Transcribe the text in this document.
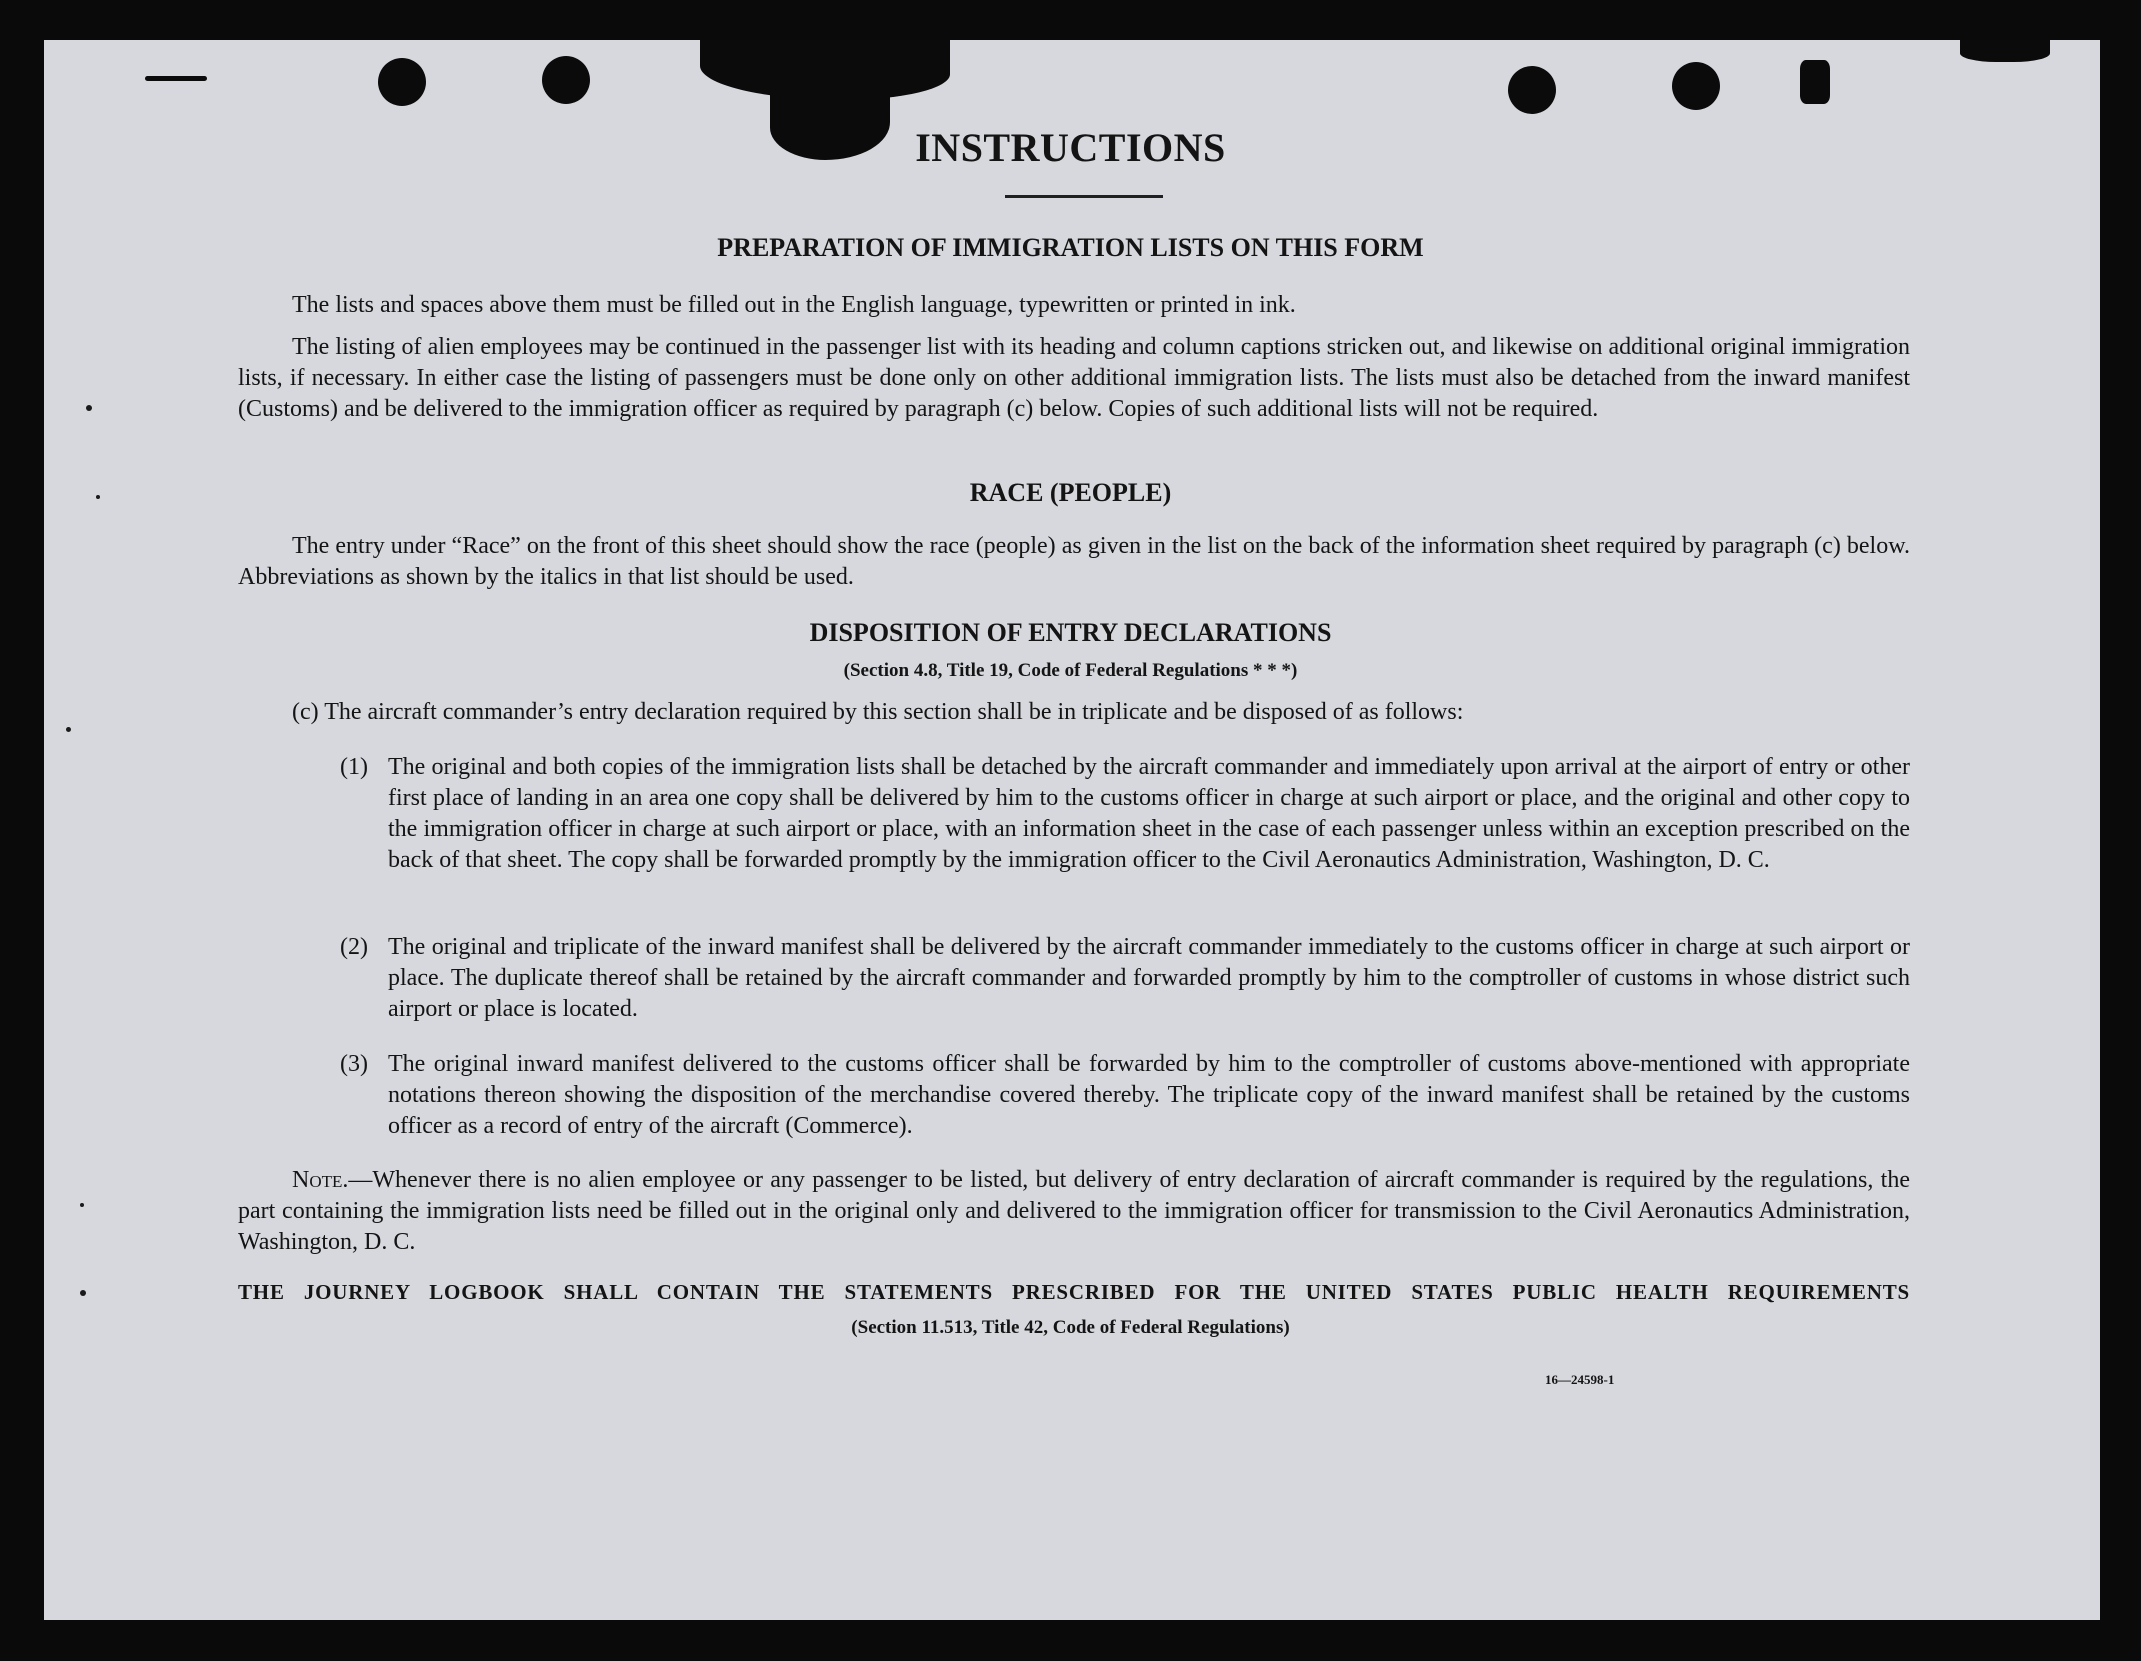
INSTRUCTIONS
PREPARATION OF IMMIGRATION LISTS ON THIS FORM
The lists and spaces above them must be filled out in the English language, typewritten or printed in ink.
The listing of alien employees may be continued in the passenger list with its heading and column captions stricken out, and likewise on additional original immigration lists, if necessary. In either case the listing of passengers must be done only on other additional immigration lists. The lists must also be detached from the inward manifest (Customs) and be delivered to the immigration officer as required by paragraph (c) below. Copies of such additional lists will not be required.
RACE (PEOPLE)
The entry under “Race” on the front of this sheet should show the race (people) as given in the list on the back of the information sheet required by paragraph (c) below. Abbreviations as shown by the italics in that list should be used.
DISPOSITION OF ENTRY DECLARATIONS
(Section 4.8, Title 19, Code of Federal Regulations * * *)
(c) The aircraft commander’s entry declaration required by this section shall be in triplicate and be disposed of as follows:
(1) The original and both copies of the immigration lists shall be detached by the aircraft commander and immediately upon arrival at the airport of entry or other first place of landing in an area one copy shall be delivered by him to the customs officer in charge at such airport or place, and the original and other copy to the immigration officer in charge at such airport or place, with an information sheet in the case of each passenger unless within an exception prescribed on the back of that sheet. The copy shall be forwarded promptly by the immigration officer to the Civil Aeronautics Administration, Washington, D. C.
(2) The original and triplicate of the inward manifest shall be delivered by the aircraft commander immediately to the customs officer in charge at such airport or place. The duplicate thereof shall be retained by the aircraft commander and forwarded promptly by him to the comptroller of customs in whose district such airport or place is located.
(3) The original inward manifest delivered to the customs officer shall be forwarded by him to the comptroller of customs above-mentioned with appropriate notations thereon showing the disposition of the merchandise covered thereby. The triplicate copy of the inward manifest shall be retained by the customs officer as a record of entry of the aircraft (Commerce).
Note.—Whenever there is no alien employee or any passenger to be listed, but delivery of entry declaration of aircraft commander is required by the regulations, the part containing the immigration lists need be filled out in the original only and delivered to the immigration officer for transmission to the Civil Aeronautics Administration, Washington, D. C.
THE JOURNEY LOGBOOK SHALL CONTAIN THE STATEMENTS PRESCRIBED FOR THE UNITED STATES PUBLIC HEALTH REQUIREMENTS
(Section 11.513, Title 42, Code of Federal Regulations)
16—24598-1
